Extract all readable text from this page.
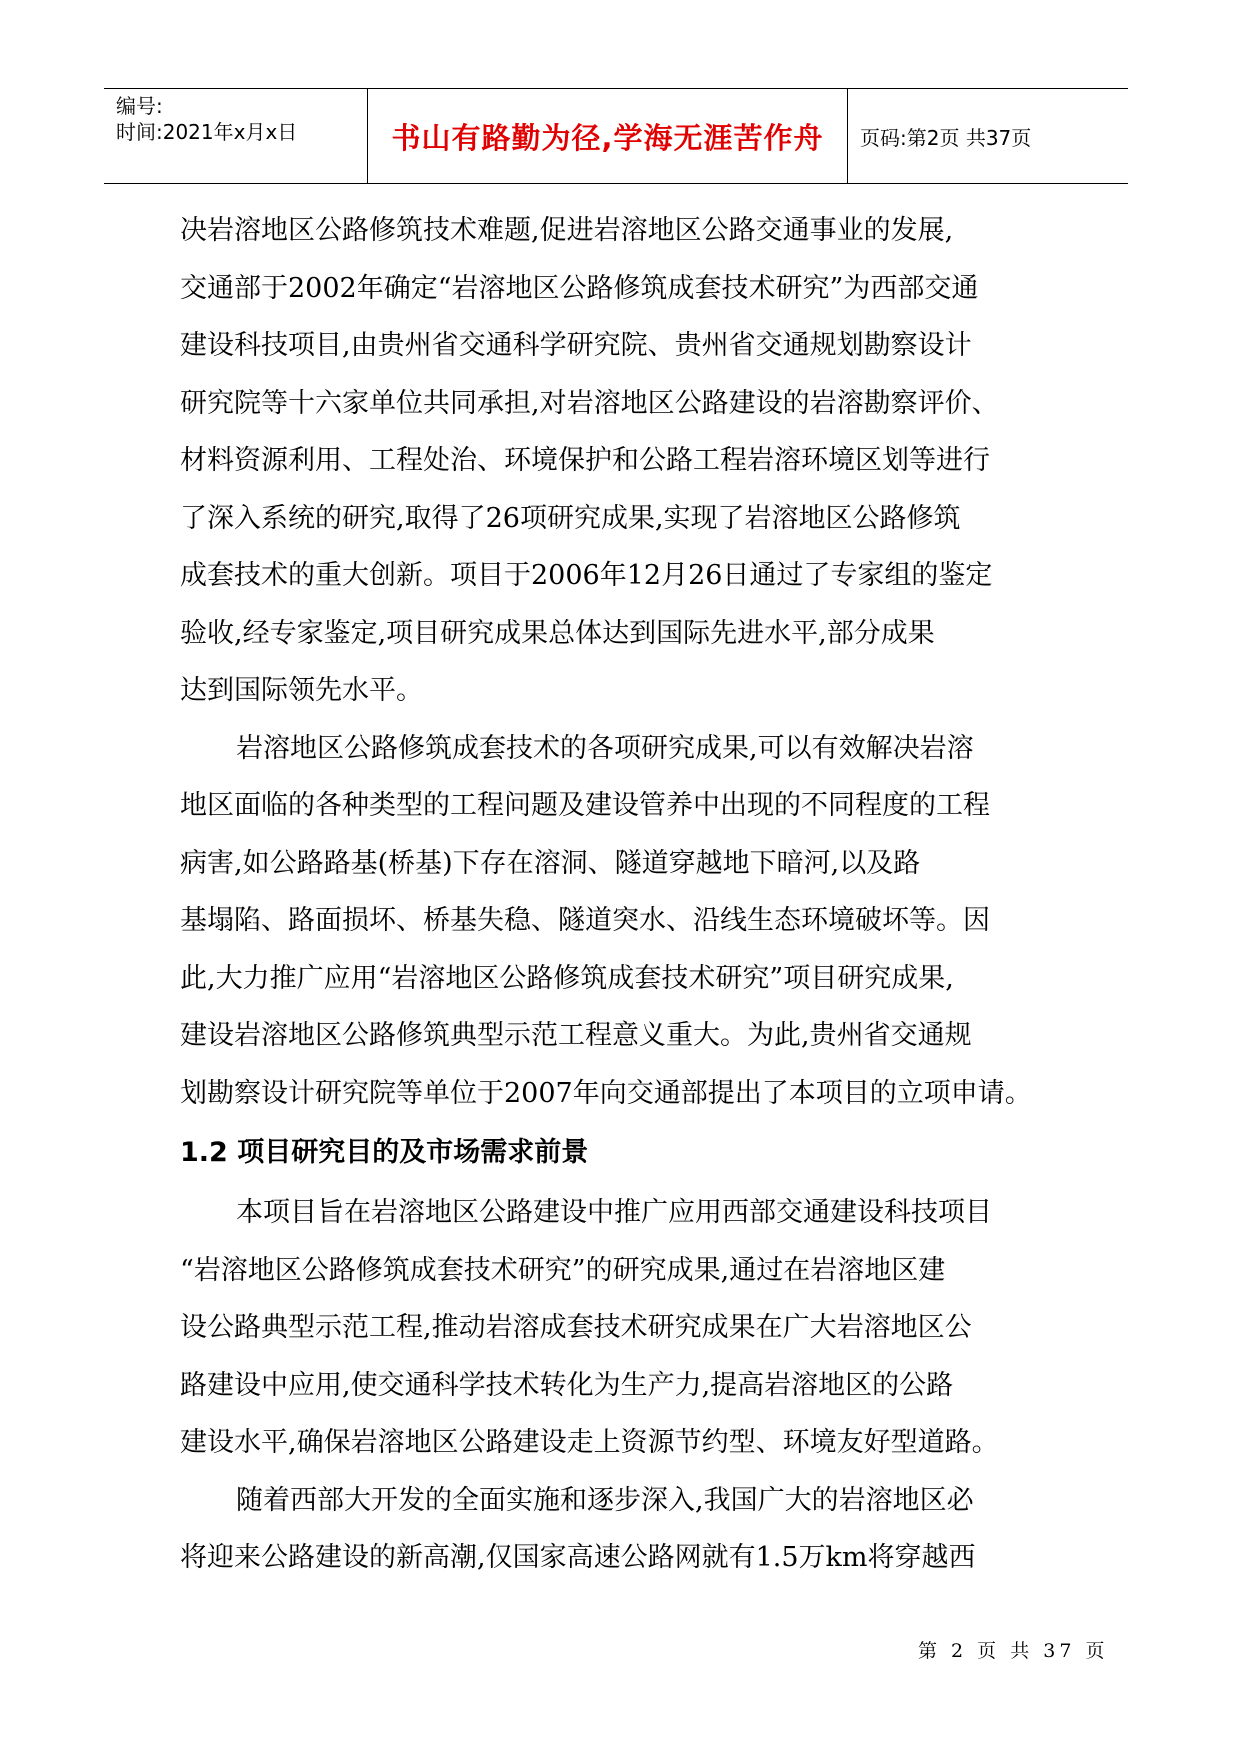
编号:
时间:2021年x月x日	书山有路勤为径,学海无涯苦作舟 页码:第2页 共37页
决岩溶地区公路修筑技术难题,促进岩溶地区公路交通事业的发展,
交通部于2002年确定“岩溶地区公路修筑成套技术研究”为西部交通
建设科技项目,由贵州省交通科学研究院、贵州省交通规划勘察设计
研究院等十六家单位共同承担,对岩溶地区公路建设的岩溶勘察评价、
材料资源利用、工程处治、环境保护和公路工程岩溶环境区划等进行
了深入系统的研究,取得了26项研究成果,实现了岩溶地区公路修筑
成套技术的重大创新。项目于2006年12月26日通过了专家组的鉴定
验收,经专家鉴定,项目研究成果总体达到国际先进水平,部分成果
达到国际领先水平。
岩溶地区公路修筑成套技术的各项研究成果,可以有效解决岩溶
地区面临的各种类型的工程问题及建设管养中出现的不同程度的工程
病害,如公路路基(桥基)下存在溶洞、隧道穿越地下暗河,以及路
基塌陷、路面损坏、桥基失稳、隧道突水、沿线生态环境破坏等。因
此,大力推广应用“岩溶地区公路修筑成套技术研究”项目研究成果,
建设岩溶地区公路修筑典型示范工程意义重大。为此,贵州省交通规
划勘察设计研究院等单位于2007年向交通部提出了本项目的立项申请。
1.2 项目研究目的及市场需求前景
本项目旨在岩溶地区公路建设中推广应用西部交通建设科技项目
“岩溶地区公路修筑成套技术研究”的研究成果,通过在岩溶地区建
设公路典型示范工程,推动岩溶成套技术研究成果在广大岩溶地区公
路建设中应用,使交通科学技术转化为生产力,提高岩溶地区的公路
建设水平,确保岩溶地区公路建设走上资源节约型、环境友好型道路。
随着西部大开发的全面实施和逐步深入,我国广大的岩溶地区必
将迎来公路建设的新高潮,仅国家高速公路网就有1.5万km将穿越西
第 2 页 共 37 页
